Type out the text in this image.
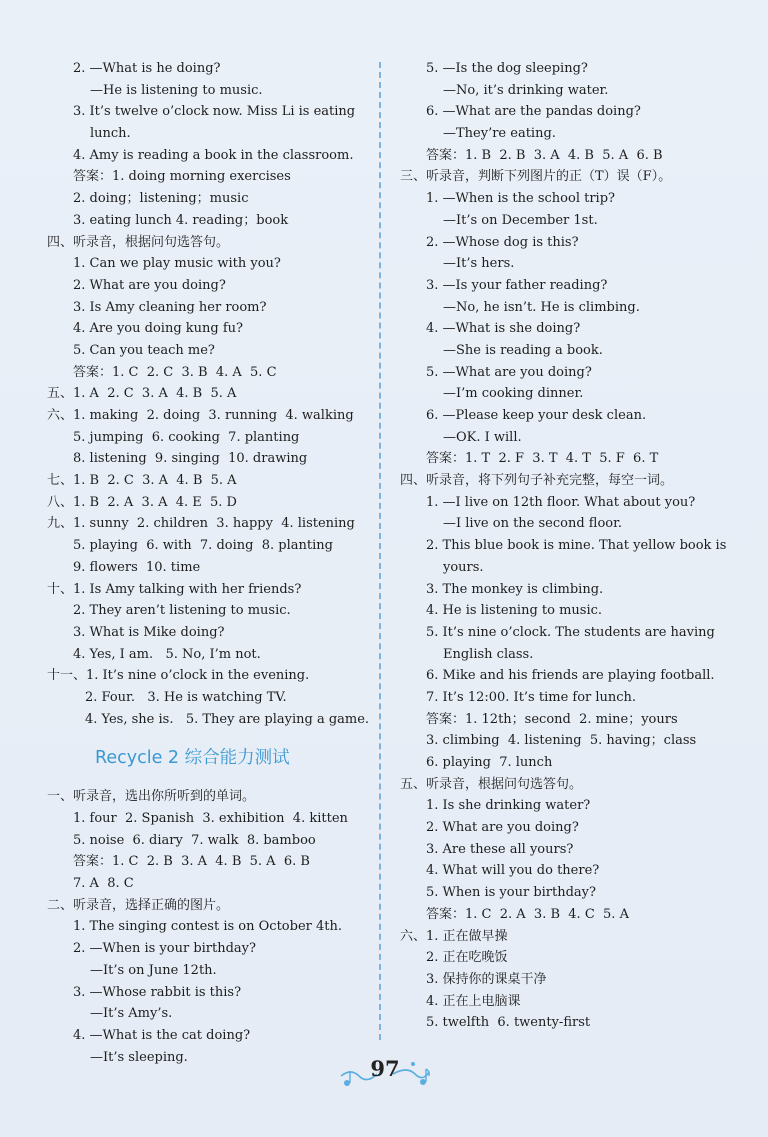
2. —What is he doing?
—He is listening to music.
3. It’s twelve o’clock now. Miss Li is eating
lunch.
4. Amy is reading a book in the classroom.
答案：1. doing morning exercises
2. doing；listening；music
3. eating lunch 4. reading；book
四、听录音，根据问句选答句。
1. Can we play music with you?
2. What are you doing?
3. Is Amy cleaning her room?
4. Are you doing kung fu?
5. Can you teach me?
答案：1. C  2. C  3. B  4. A  5. C
五、1. A  2. C  3. A  4. B  5. A
六、1. making  2. doing  3. running  4. walking
5. jumping  6. cooking  7. planting
8. listening  9. singing  10. drawing
七、1. B  2. C  3. A  4. B  5. A
八、1. B  2. A  3. A  4. E  5. D
九、1. sunny  2. children  3. happy  4. listening
5. playing  6. with  7. doing  8. planting
9. flowers  10. time
十、1. Is Amy talking with her friends?
2. They aren’t listening to music.
3. What is Mike doing?
4. Yes, I am.   5. No, I’m not.
十一、1. It’s nine o’clock in the evening.
2. Four.   3. He is watching TV.
4. Yes, she is.   5. They are playing a game.
Recycle 2 综合能力测试
一、听录音，选出你所听到的单词。
1. four  2. Spanish  3. exhibition  4. kitten
5. noise  6. diary  7. walk  8. bamboo
答案：1. C  2. B  3. A  4. B  5. A  6. B
7. A  8. C
二、听录音，选择正确的图片。
1. The singing contest is on October 4th.
2. —When is your birthday?
—It’s on June 12th.
3. —Whose rabbit is this?
—It’s Amy’s.
4. —What is the cat doing?
—It’s sleeping.
5. —Is the dog sleeping?
—No, it’s drinking water.
6. —What are the pandas doing?
—They’re eating.
答案：1. B  2. B  3. A  4. B  5. A  6. B
三、听录音，判断下列图片的正（T）误（F）。
1. —When is the school trip?
—It’s on December 1st.
2. —Whose dog is this?
—It’s hers.
3. —Is your father reading?
—No, he isn’t. He is climbing.
4. —What is she doing?
—She is reading a book.
5. —What are you doing?
—I’m cooking dinner.
6. —Please keep your desk clean.
—OK. I will.
答案：1. T  2. F  3. T  4. T  5. F  6. T
四、听录音，将下列句子补充完整，每空一词。
1. —I live on 12th floor. What about you?
—I live on the second floor.
2. This blue book is mine. That yellow book is
yours.
3. The monkey is climbing.
4. He is listening to music.
5. It’s nine o’clock. The students are having
English class.
6. Mike and his friends are playing football.
7. It’s 12:00. It’s time for lunch.
答案：1. 12th；second  2. mine；yours
3. climbing  4. listening  5. having；class
6. playing  7. lunch
五、听录音，根据问句选答句。
1. Is she drinking water?
2. What are you doing?
3. Are these all yours?
4. What will you do there?
5. When is your birthday?
答案：1. C  2. A  3. B  4. C  5. A
六、1. 正在做早操
2. 正在吃晚饭
3. 保持你的课桌干净
4. 正在上电脑课
5. twelfth  6. twenty-first
97
